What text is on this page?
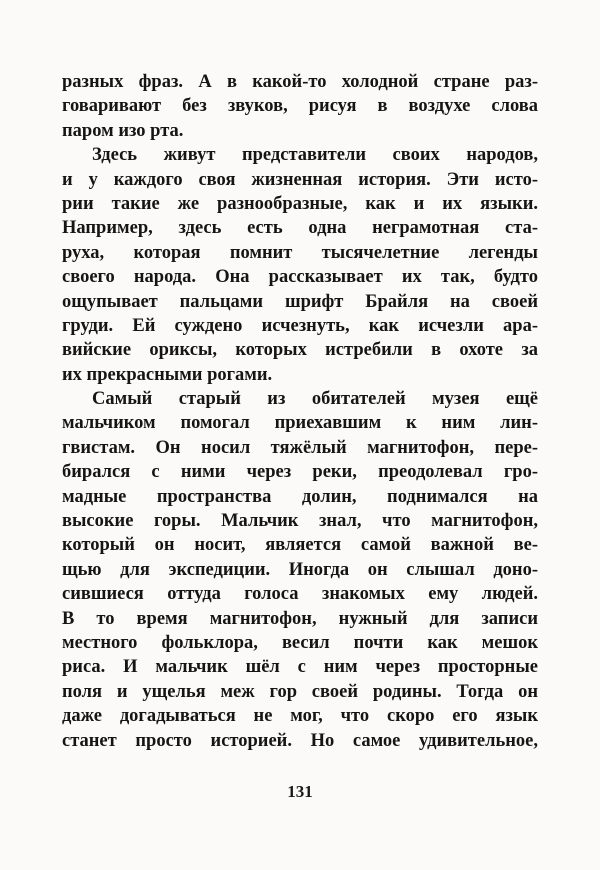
разных фраз. А в какой-то холодной стране раз-
говаривают без звуков, рисуя в воздухе слова
паром изо рта.
Здесь живут представители своих народов,
и у каждого своя жизненная история. Эти исто-
рии такие же разнообразные, как и их языки.
Например, здесь есть одна неграмотная ста-
руха, которая помнит тысячелетние легенды
своего народа. Она рассказывает их так, будто
ощупывает пальцами шрифт Брайля на своей
груди. Ей суждено исчезнуть, как исчезли ара-
вийские ориксы, которых истребили в охоте за
их прекрасными рогами.
Самый старый из обитателей музея ещё
мальчиком помогал приехавшим к ним лин-
гвистам. Он носил тяжёлый магнитофон, пере-
бирался с ними через реки, преодолевал гро-
мадные пространства долин, поднимался на
высокие горы. Мальчик знал, что магнитофон,
который он носит, является самой важной ве-
щью для экспедиции. Иногда он слышал доно-
сившиеся оттуда голоса знакомых ему людей.
В то время магнитофон, нужный для записи
местного фольклора, весил почти как мешок
риса. И мальчик шёл с ним через просторные
поля и ущелья меж гор своей родины. Тогда он
даже догадываться не мог, что скоро его язык
станет просто историей. Но самое удивительное,
131
